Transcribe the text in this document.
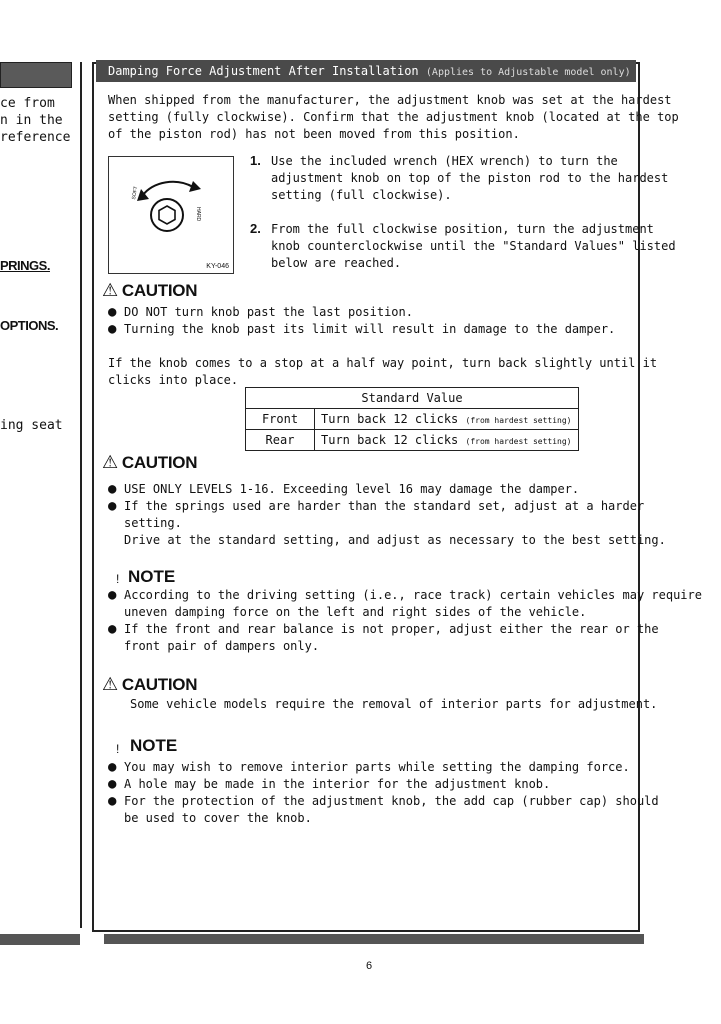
ce from
n in the
reference
PRINGS.
OPTIONS.
ing seat
Damping Force Adjustment After Installation (Applies to Adjustable model only)
When shipped from the manufacturer, the adjustment knob was set at the hardest
setting (fully clockwise). Confirm that the adjustment knob (located at the top
of the piston rod) has not been moved from this position.
SOFT
HARD
KY-046
1. Use the included wrench (HEX wrench) to turn the
adjustment knob on top of the piston rod to the hardest
setting (full clockwise).
2. From the full clockwise position, turn the adjustment
knob counterclockwise until the "Standard Values" listed
below are reached.
⚠ CAUTION
● DO NOT turn knob past the last position.
● Turning the knob past its limit will result in damage to the damper.
If the knob comes to a stop at a half way point, turn back slightly until it
clicks into place.
Standard Value	
Front	Turn back 12 clicks (from hardest setting)
Rear	Turn back 12 clicks (from hardest setting)
⚠ CAUTION
● USE ONLY LEVELS 1-16. Exceeding level 16 may damage the damper.
● If the springs used are harder than the standard set, adjust at a harder
setting.
Drive at the standard setting, and adjust as necessary to the best setting.
! NOTE
● According to the driving setting (i.e., race track) certain vehicles may require
uneven damping force on the left and right sides of the vehicle.
● If the front and rear balance is not proper, adjust either the rear or the
front pair of dampers only.
⚠ CAUTION
Some vehicle models require the removal of interior parts for adjustment.
! NOTE
● You may wish to remove interior parts while setting the damping force.
● A hole may be made in the interior for the adjustment knob.
● For the protection of the adjustment knob, the add cap (rubber cap) should
be used to cover the knob.
6
